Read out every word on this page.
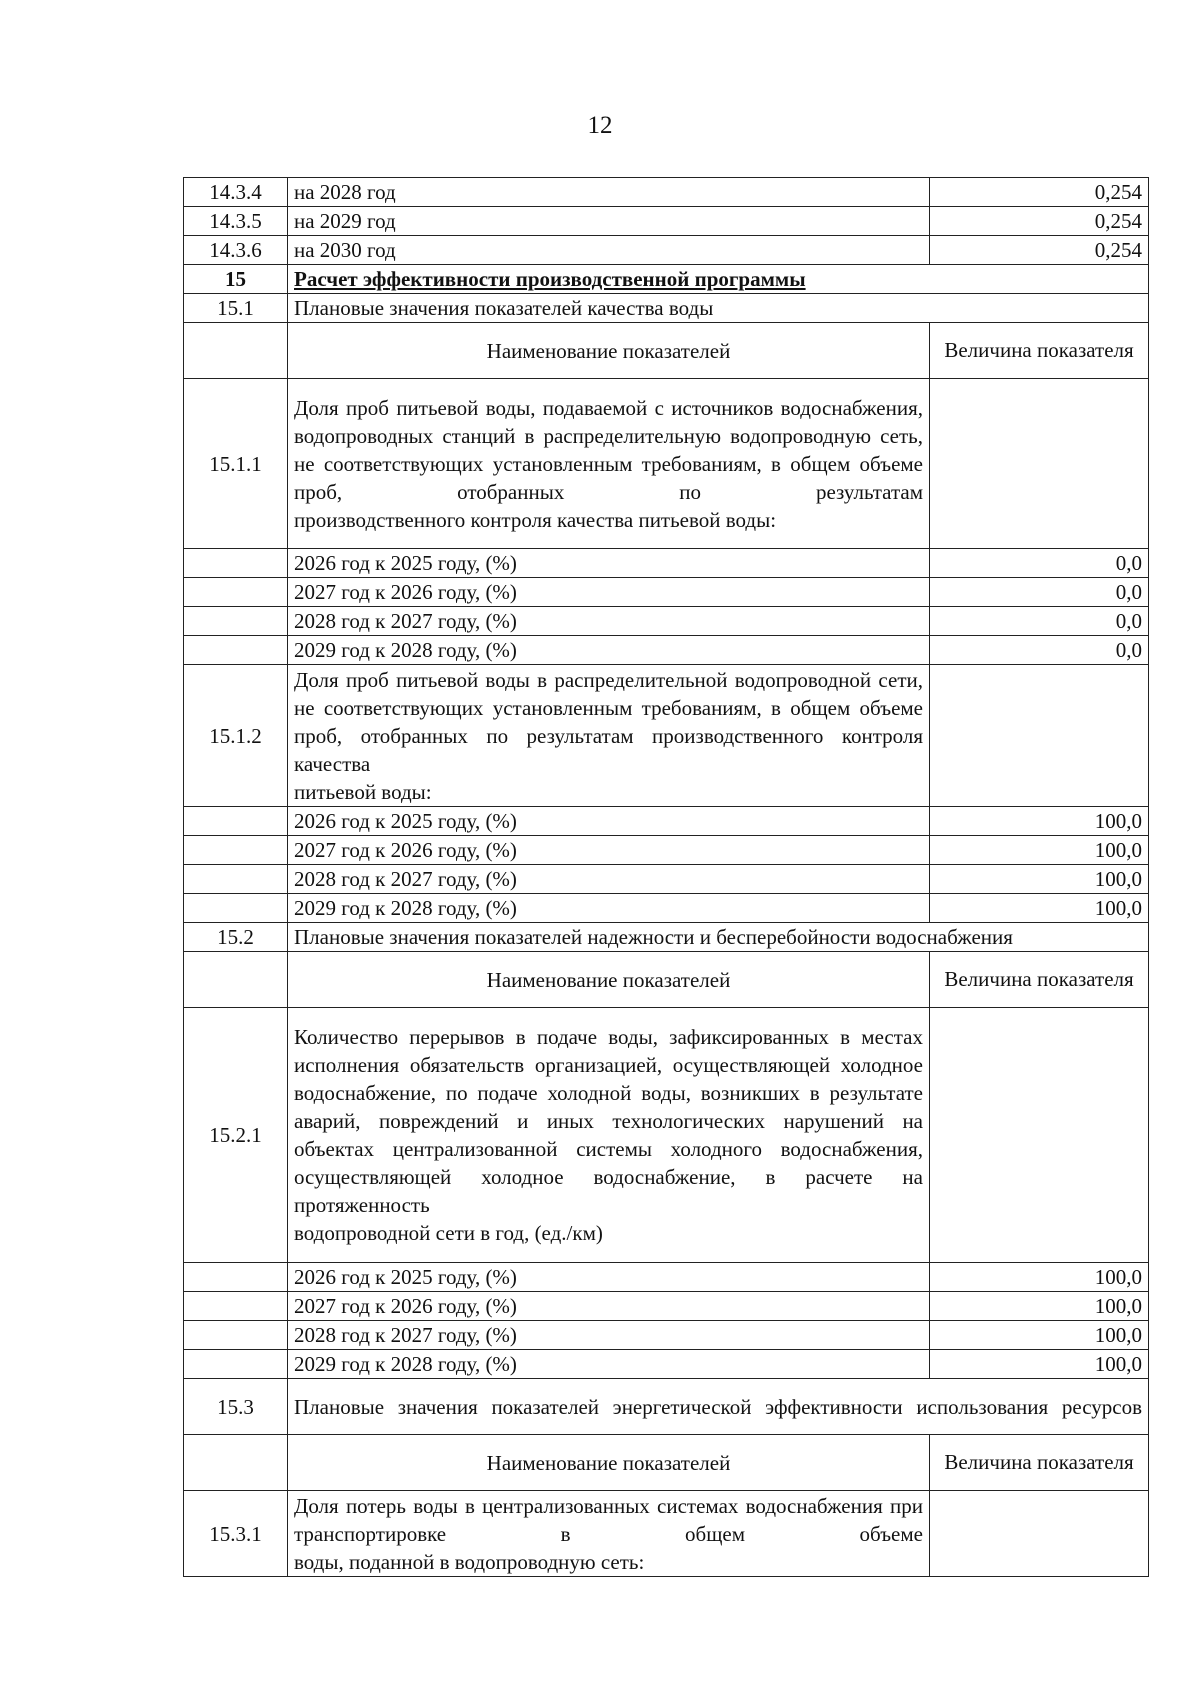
12
14.3.4	на 2028 год	0,254
14.3.5	на 2029 год	0,254
14.3.6	на 2030 год	0,254
15	Расчет эффективности производственной программы	
15.1	Плановые значения показателей качества воды	
	Наименование показателей	Величина показателя
15.1.1	Доля проб питьевой воды, подаваемой с источников водоснабжения, водопроводных станций в распределительную водопроводную сеть, не соответствующих установленным требованиям, в общем объеме проб, отобранных по результатам
производственного контроля качества питьевой воды:	

	2026 год к 2025 году, (%)	0,0
	2027 год к 2026 году, (%)	0,0
	2028 год к 2027 году, (%)	0,0
	2029 год к 2028 году, (%)	0,0
15.1.2	Доля проб питьевой воды в распределительной водопроводной сети, не соответствующих установленным требованиям, в общем объеме проб, отобранных по результатам производственного контроля качества
питьевой воды:	

	2026 год к 2025 году, (%)	100,0
	2027 год к 2026 году, (%)	100,0
	2028 год к 2027 году, (%)	100,0
	2029 год к 2028 году, (%)	100,0
15.2	Плановые значения показателей надежности и бесперебойности водоснабжения	
	Наименование показателей	Величина показателя
15.2.1	Количество перерывов в подаче воды, зафиксированных в местах исполнения обязательств организацией, осуществляющей холодное водоснабжение, по подаче холодной воды, возникших в результате аварий, повреждений и иных технологических нарушений на объектах централизованной системы холодного водоснабжения, осуществляющей холодное водоснабжение, в расчете на протяженность
водопроводной сети в год, (ед./км)	

	2026 год к 2025 году, (%)	100,0
	2027 год к 2026 году, (%)	100,0
	2028 год к 2027 году, (%)	100,0
	2029 год к 2028 году, (%)	100,0
15.3	Плановые значения показателей энергетической эффективности использования ресурсов	
	Наименование показателей	Величина показателя
15.3.1	Доля потерь воды в централизованных системах водоснабжения при транспортировке в общем объеме
воды, поданной в водопроводную сеть:	
